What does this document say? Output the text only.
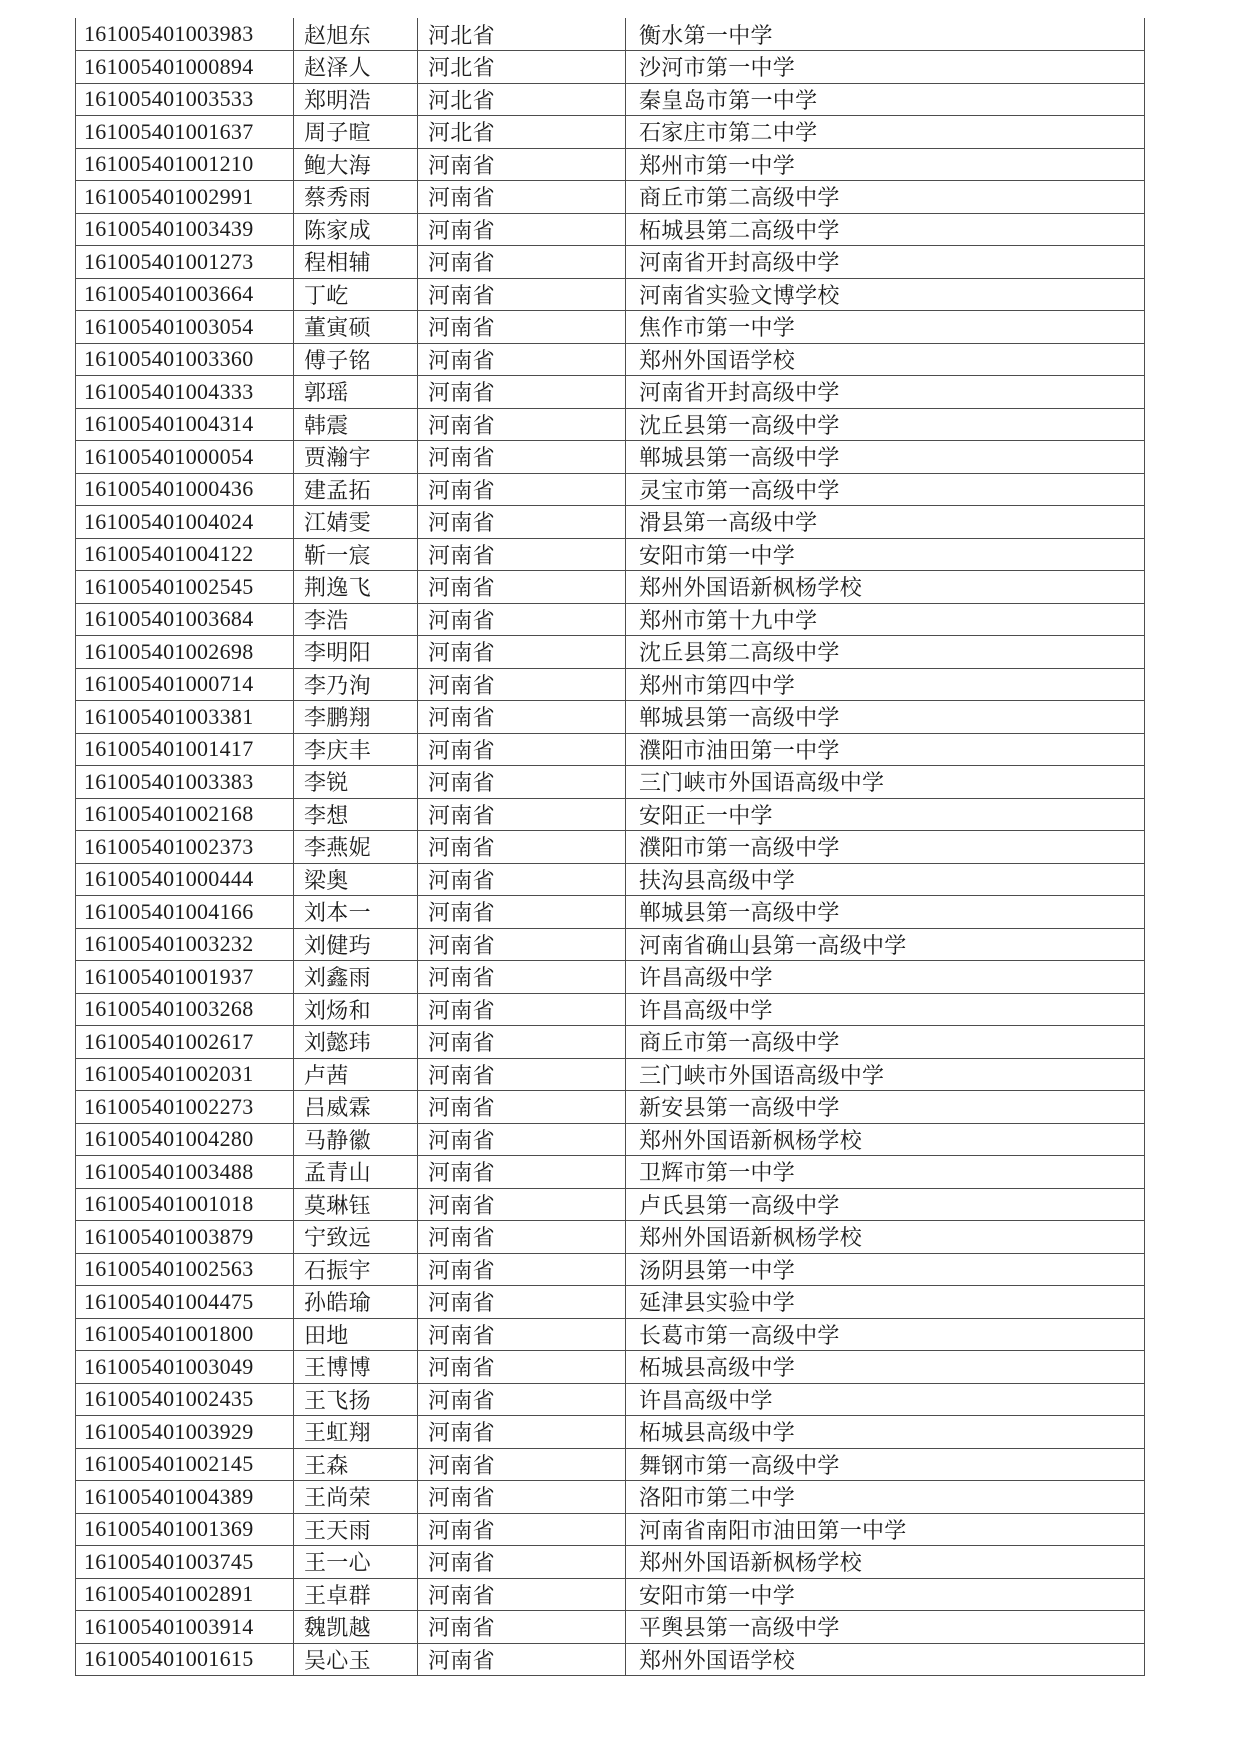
161005401003983	赵旭东	河北省	衡水第一中学
161005401000894	赵泽人	河北省	沙河市第一中学
161005401003533	郑明浩	河北省	秦皇岛市第一中学
161005401001637	周子暄	河北省	石家庄市第二中学
161005401001210	鲍大海	河南省	郑州市第一中学
161005401002991	蔡秀雨	河南省	商丘市第二高级中学
161005401003439	陈家成	河南省	柘城县第二高级中学
161005401001273	程相辅	河南省	河南省开封高级中学
161005401003664	丁屹	河南省	河南省实验文博学校
161005401003054	董寅硕	河南省	焦作市第一中学
161005401003360	傅子铭	河南省	郑州外国语学校
161005401004333	郭瑶	河南省	河南省开封高级中学
161005401004314	韩震	河南省	沈丘县第一高级中学
161005401000054	贾瀚宇	河南省	郸城县第一高级中学
161005401000436	建孟拓	河南省	灵宝市第一高级中学
161005401004024	江婧雯	河南省	滑县第一高级中学
161005401004122	靳一宸	河南省	安阳市第一中学
161005401002545	荆逸飞	河南省	郑州外国语新枫杨学校
161005401003684	李浩	河南省	郑州市第十九中学
161005401002698	李明阳	河南省	沈丘县第二高级中学
161005401000714	李乃洵	河南省	郑州市第四中学
161005401003381	李鹏翔	河南省	郸城县第一高级中学
161005401001417	李庆丰	河南省	濮阳市油田第一中学
161005401003383	李锐	河南省	三门峡市外国语高级中学
161005401002168	李想	河南省	安阳正一中学
161005401002373	李燕妮	河南省	濮阳市第一高级中学
161005401000444	梁奥	河南省	扶沟县高级中学
161005401004166	刘本一	河南省	郸城县第一高级中学
161005401003232	刘健玙	河南省	河南省确山县第一高级中学
161005401001937	刘鑫雨	河南省	许昌高级中学
161005401003268	刘炀和	河南省	许昌高级中学
161005401002617	刘懿玮	河南省	商丘市第一高级中学
161005401002031	卢茜	河南省	三门峡市外国语高级中学
161005401002273	吕威霖	河南省	新安县第一高级中学
161005401004280	马静徽	河南省	郑州外国语新枫杨学校
161005401003488	孟青山	河南省	卫辉市第一中学
161005401001018	莫琳钰	河南省	卢氏县第一高级中学
161005401003879	宁致远	河南省	郑州外国语新枫杨学校
161005401002563	石振宇	河南省	汤阴县第一中学
161005401004475	孙皓瑜	河南省	延津县实验中学
161005401001800	田地	河南省	长葛市第一高级中学
161005401003049	王博博	河南省	柘城县高级中学
161005401002435	王飞扬	河南省	许昌高级中学
161005401003929	王虹翔	河南省	柘城县高级中学
161005401002145	王森	河南省	舞钢市第一高级中学
161005401004389	王尚荣	河南省	洛阳市第二中学
161005401001369	王天雨	河南省	河南省南阳市油田第一中学
161005401003745	王一心	河南省	郑州外国语新枫杨学校
161005401002891	王卓群	河南省	安阳市第一中学
161005401003914	魏凯越	河南省	平舆县第一高级中学
161005401001615	吴心玉	河南省	郑州外国语学校
